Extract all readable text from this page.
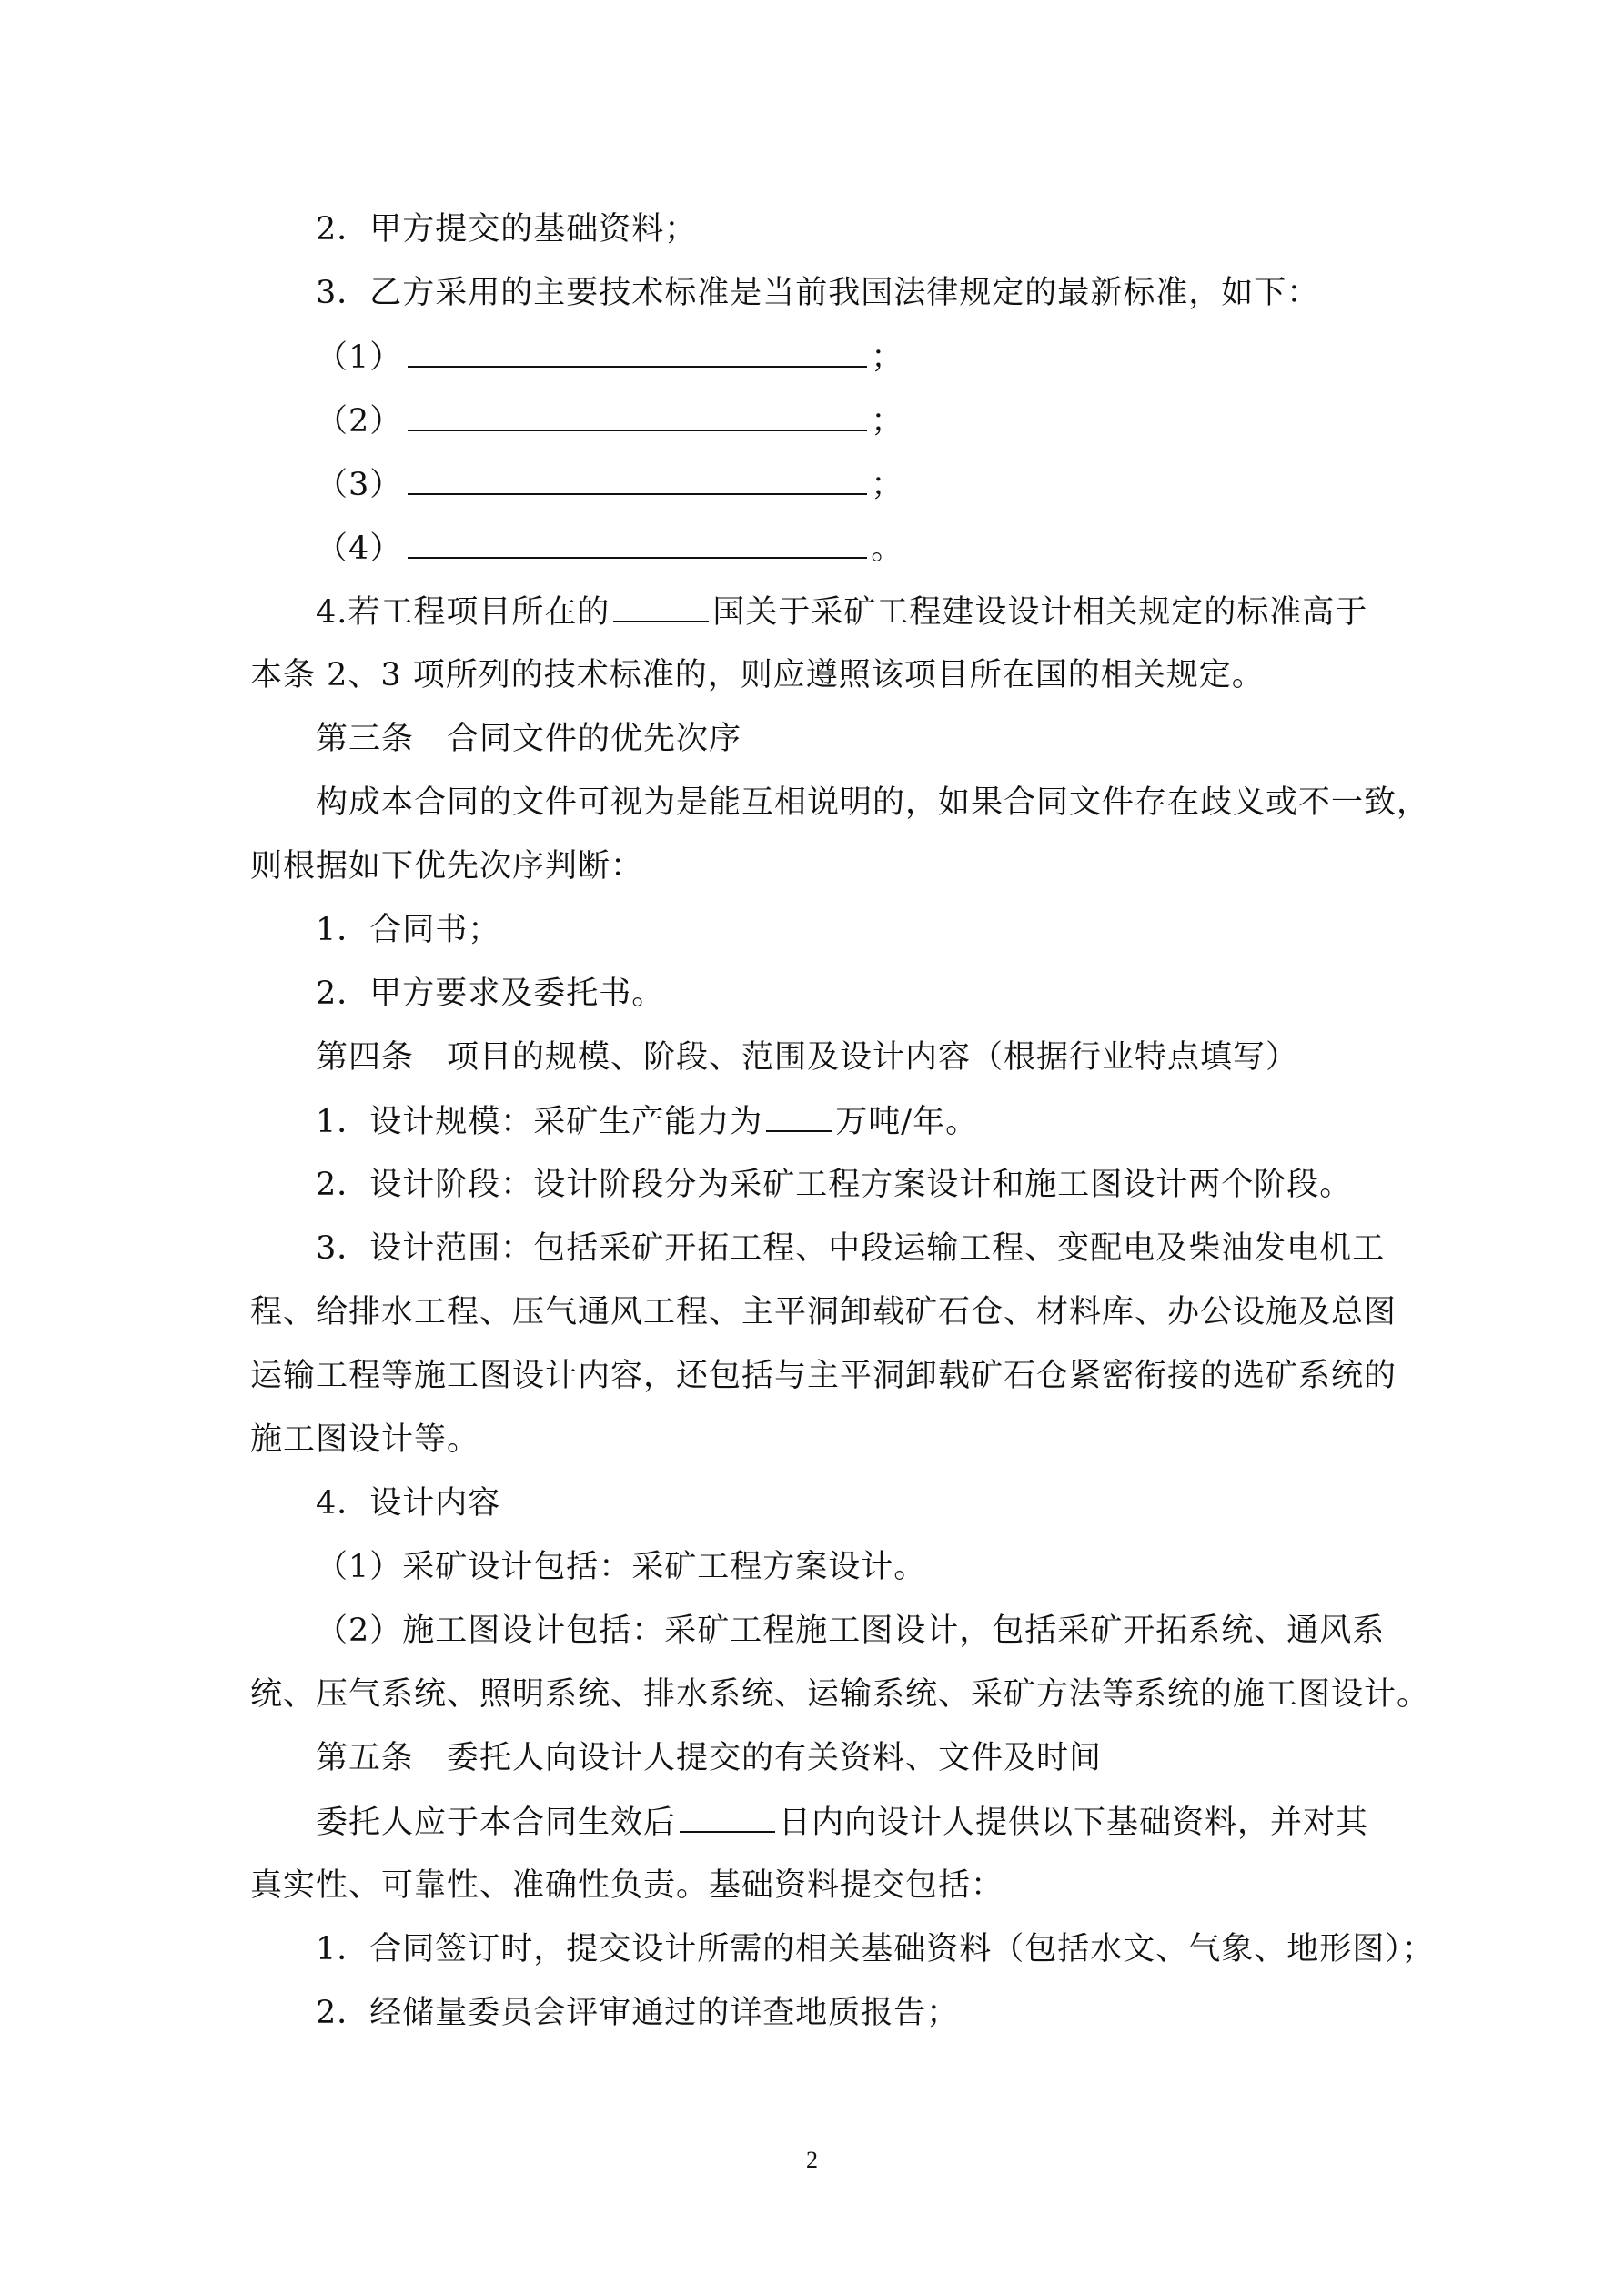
2．甲方提交的基础资料；
3．乙方采用的主要技术标准是当前我国法律规定的最新标准，如下：
（1）	；
（2）	；
（3）	；
（4）	。
4.若工程项目所在的	国关于采矿工程建设设计相关规定的标准高于
本条 2、3 项所列的技术标准的，则应遵照该项目所在国的相关规定。
第三条　合同文件的优先次序
构成本合同的文件可视为是能互相说明的，如果合同文件存在歧义或不一致，
则根据如下优先次序判断：
1．合同书；
2．甲方要求及委托书。
第四条　项目的规模、阶段、范围及设计内容（根据行业特点填写）
1．设计规模：采矿生产能力为 万吨/年。
2．设计阶段：设计阶段分为采矿工程方案设计和施工图设计两个阶段。
3．设计范围：包括采矿开拓工程、中段运输工程、变配电及柴油发电机工
程、给排水工程、压气通风工程、主平洞卸载矿石仓、材料库、办公设施及总图
运输工程等施工图设计内容，还包括与主平洞卸载矿石仓紧密衔接的选矿系统的
施工图设计等。
4．设计内容
（1）采矿设计包括：采矿工程方案设计。
（2）施工图设计包括：采矿工程施工图设计，包括采矿开拓系统、通风系
统、压气系统、照明系统、排水系统、运输系统、采矿方法等系统的施工图设计。
第五条　委托人向设计人提交的有关资料、文件及时间
委托人应于本合同生效后	日内向设计人提供以下基础资料，并对其
真实性、可靠性、准确性负责。基础资料提交包括：
1．合同签订时，提交设计所需的相关基础资料（包括水文、气象、地形图）；
2．经储量委员会评审通过的详查地质报告；
2
